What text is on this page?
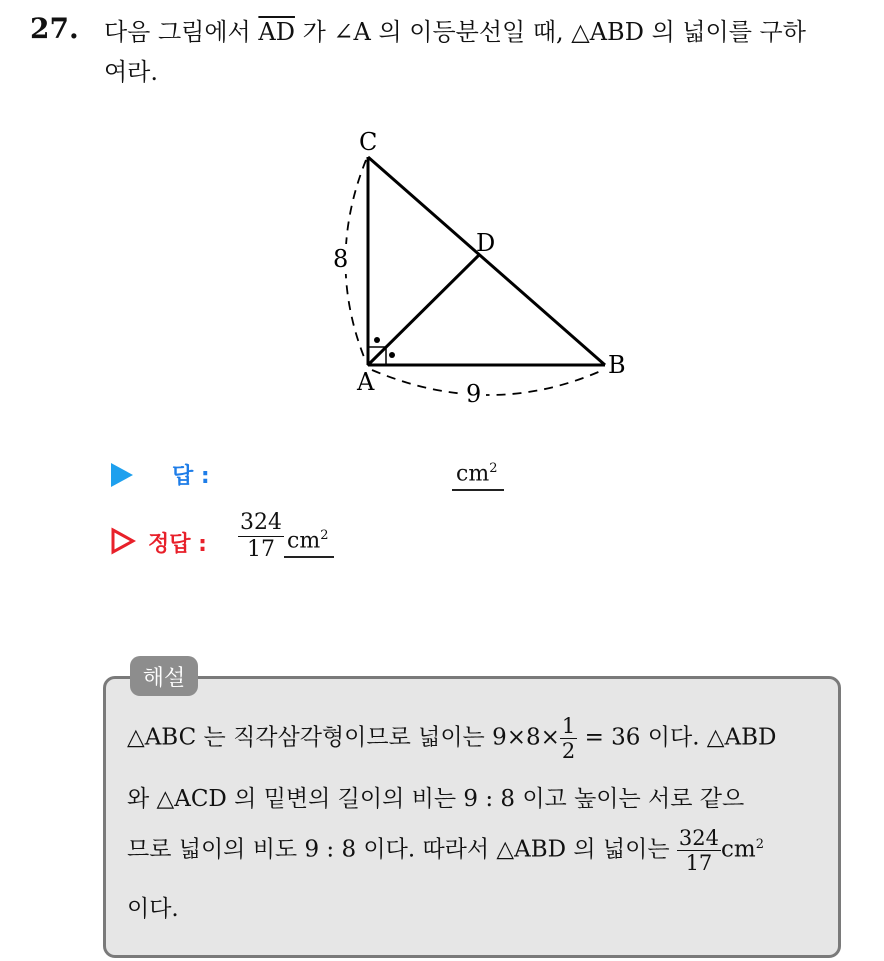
27. 다음 그림에서 $\overline{AD}$ 가 ∠A 의 이등분선일 때, △ABD 의 넓이를 구하
여라.
C
D
A
B
8
9
답 :	$cm^2$
정답 : $\frac{324}{17} cm^2$
해설
△ABC 는 직각삼각형이므로 넓이는 $9\times 8\times \frac{1}{2} = 36$ 이다. △ABD
와 △ACD 의 밑변의 길이의 비는 9 : 8 이고 높이는 서로 같으
므로 넓이의 비도 9 : 8 이다. 따라서 △ABD 의 넓이는 $\frac{324}{17} cm^2$
이다.
